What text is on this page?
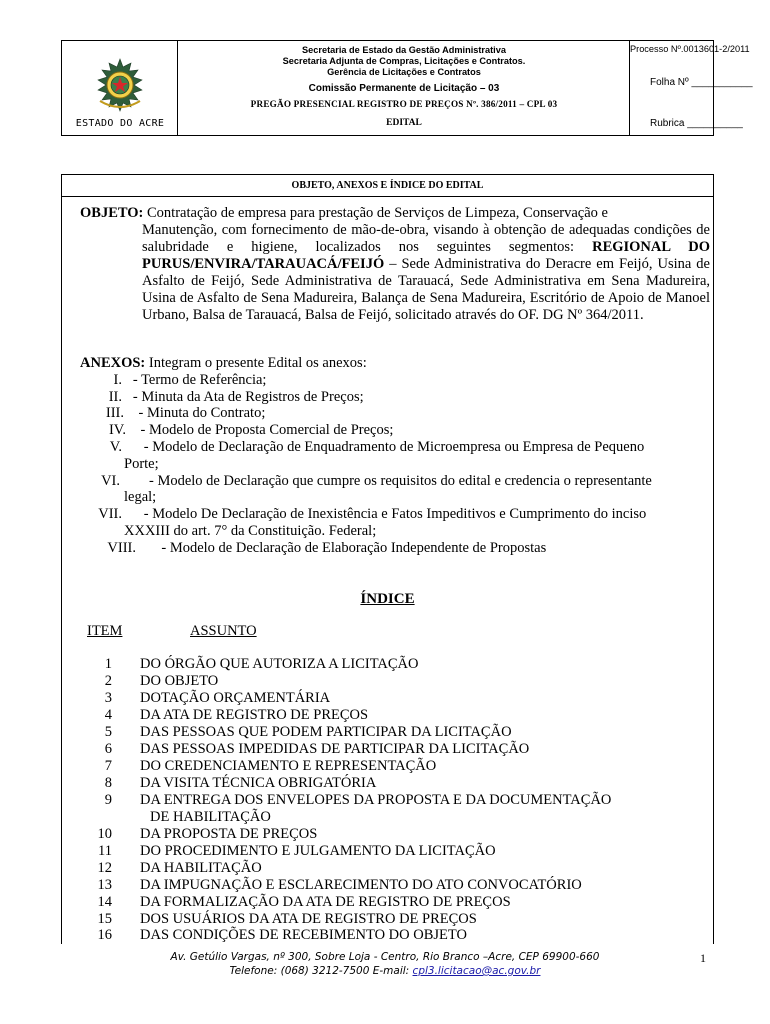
ESTADO DO ACRE
Secretaria de Estado da Gestão Administrativa
Secretaria Adjunta de Compras, Licitações e Contratos.
Gerência de Licitações e Contratos
Comissão Permanente de Licitação – 03
PREGÃO PRESENCIAL REGISTRO DE PREÇOS Nº. 386/2011 – CPL 03
EDITAL
Processo Nº.0013601-2/2011
Folha Nº ___________
Rubrica __________
OBJETO, ANEXOS E ÍNDICE DO EDITAL
OBJETO: Contratação de empresa para prestação de Serviços de Limpeza, Conservação e
Manutenção, com fornecimento de mão-de-obra, visando à obtenção de adequadas condições de salubridade e higiene, localizados nos seguintes segmentos: REGIONAL DO PURUS/ENVIRA/TARAUACÁ/FEIJÓ – Sede Administrativa do Deracre em Feijó, Usina de Asfalto de Feijó, Sede Administrativa de Tarauacá, Sede Administrativa em Sena Madureira, Usina de Asfalto de Sena Madureira, Balança de Sena Madureira, Escritório de Apoio de Manoel Urbano, Balsa de Tarauacá, Balsa de Feijó, solicitado através do OF. DG Nº 364/2011.
ANEXOS: Integram o presente Edital os anexos:
I. - Termo de Referência;
II. - Minuta da Ata de Registros de Preços;
III. - Minuta do Contrato;
IV. - Modelo de Proposta Comercial de Preços;
V. - Modelo de Declaração de Enquadramento de Microempresa ou Empresa de Pequeno
Porte;
VI. - Modelo de Declaração que cumpre os requisitos do edital e credencia o representante
legal;
VII. - Modelo De Declaração de Inexistência e Fatos Impeditivos e Cumprimento do inciso
XXXIII do art. 7° da Constituição. Federal;
VIII. - Modelo de Declaração de Elaboração Independente de Propostas
ÍNDICE
ITEM	ASSUNTO
1 DO ÓRGÃO QUE AUTORIZA A LICITAÇÃO
2 DO OBJETO
3 DOTAÇÃO ORÇAMENTÁRIA
4 DA ATA DE REGISTRO DE PREÇOS
5 DAS PESSOAS QUE PODEM PARTICIPAR DA LICITAÇÃO
6 DAS PESSOAS IMPEDIDAS DE PARTICIPAR DA LICITAÇÃO
7 DO CREDENCIAMENTO E REPRESENTAÇÃO
8 DA VISITA TÉCNICA OBRIGATÓRIA
9 DA ENTREGA DOS ENVELOPES DA PROPOSTA E DA DOCUMENTAÇÃO
DE HABILITAÇÃO
10 DA PROPOSTA DE PREÇOS
11 DO PROCEDIMENTO E JULGAMENTO DA LICITAÇÃO
12 DA HABILITAÇÃO
13 DA IMPUGNAÇÃO E ESCLARECIMENTO DO ATO CONVOCATÓRIO
14 DA FORMALIZAÇÃO DA ATA DE REGISTRO DE PREÇOS
15 DOS USUÁRIOS DA ATA DE REGISTRO DE PREÇOS
16 DAS CONDIÇÕES DE RECEBIMENTO DO OBJETO
Av. Getúlio Vargas, nº 300, Sobre Loja - Centro, Rio Branco –Acre, CEP 69900-660
Telefone: (068) 3212-7500 E-mail: cpl3.licitacao@ac.gov.br
1
